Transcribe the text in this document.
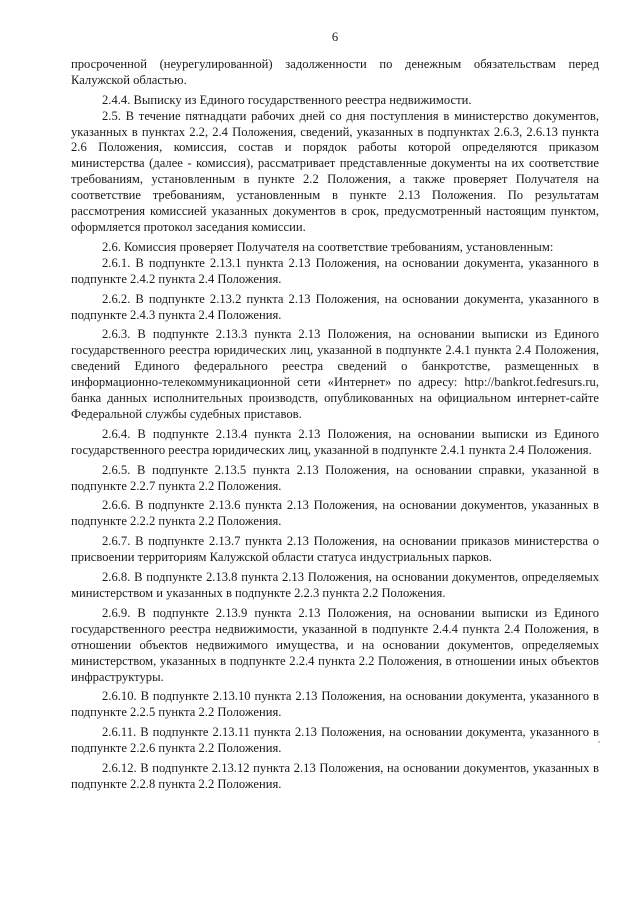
6

просроченной (неурегулированной) задолженности по денежным обязательствам перед Калужской областью.

2.4.4. Выписку из Единого государственного реестра недвижимости.

2.5. В течение пятнадцати рабочих дней со дня поступления в министерство документов, указанных в пунктах 2.2, 2.4 Положения, сведений, указанных в подпунктах 2.6.3, 2.6.13 пункта 2.6 Положения, комиссия, состав и порядок работы которой определяются приказом министерства (далее - комиссия), рассматривает представленные документы на их соответствие требованиям, установленным в пункте 2.2 Положения, а также проверяет Получателя на соответствие требованиям, установленным в пункте 2.13 Положения. По результатам рассмотрения комиссией указанных документов в срок, предусмотренный настоящим пунктом, оформляется протокол заседания комиссии.

2.6. Комиссия проверяет Получателя на соответствие требованиям, установленным:

2.6.1. В подпункте 2.13.1 пункта 2.13 Положения, на основании документа, указанного в подпункте 2.4.2 пункта 2.4 Положения.

2.6.2. В подпункте 2.13.2 пункта 2.13 Положения, на основании документа, указанного в подпункте 2.4.3 пункта 2.4 Положения.

2.6.3. В подпункте 2.13.3 пункта 2.13 Положения, на основании выписки из Единого государственного реестра юридических лиц, указанной в подпункте 2.4.1 пункта 2.4 Положения, сведений Единого федерального реестра сведений о банкротстве, размещенных в информационно-телекоммуникационной сети «Интернет» по адресу: http://bankrot.fedresurs.ru, банка данных исполнительных производств, опубликованных на официальном интернет-сайте Федеральной службы судебных приставов.

2.6.4. В подпункте 2.13.4 пункта 2.13 Положения, на основании выписки из Единого государственного реестра юридических лиц, указанной в подпункте 2.4.1 пункта 2.4 Положения.

2.6.5. В подпункте 2.13.5 пункта 2.13 Положения, на основании справки, указанной в подпункте 2.2.7 пункта 2.2 Положения.

2.6.6. В подпункте 2.13.6 пункта 2.13 Положения, на основании документов, указанных в подпункте 2.2.2 пункта 2.2 Положения.

2.6.7. В подпункте 2.13.7 пункта 2.13 Положения, на основании приказов министерства о присвоении территориям Калужской области статуса индустриальных парков.

2.6.8. В подпункте 2.13.8 пункта 2.13 Положения, на основании документов, определяемых министерством и указанных в подпункте 2.2.3 пункта 2.2 Положения.

2.6.9. В подпункте 2.13.9 пункта 2.13 Положения, на основании выписки из Единого государственного реестра недвижимости, указанной в подпункте 2.4.4 пункта 2.4 Положения, в отношении объектов недвижимого имущества, и на основании документов, определяемых министерством, указанных в подпункте 2.2.4 пункта 2.2 Положения, в отношении иных объектов инфраструктуры.

2.6.10. В подпункте 2.13.10 пункта 2.13 Положения, на основании документа, указанного в подпункте 2.2.5 пункта 2.2 Положения.

2.6.11. В подпункте 2.13.11 пункта 2.13 Положения, на основании документа, указанного в подпункте 2.2.6 пункта 2.2 Положения.

2.6.12. В подпункте 2.13.12 пункта 2.13 Положения, на основании документов, указанных в подпункте 2.2.8 пункта 2.2 Положения.
